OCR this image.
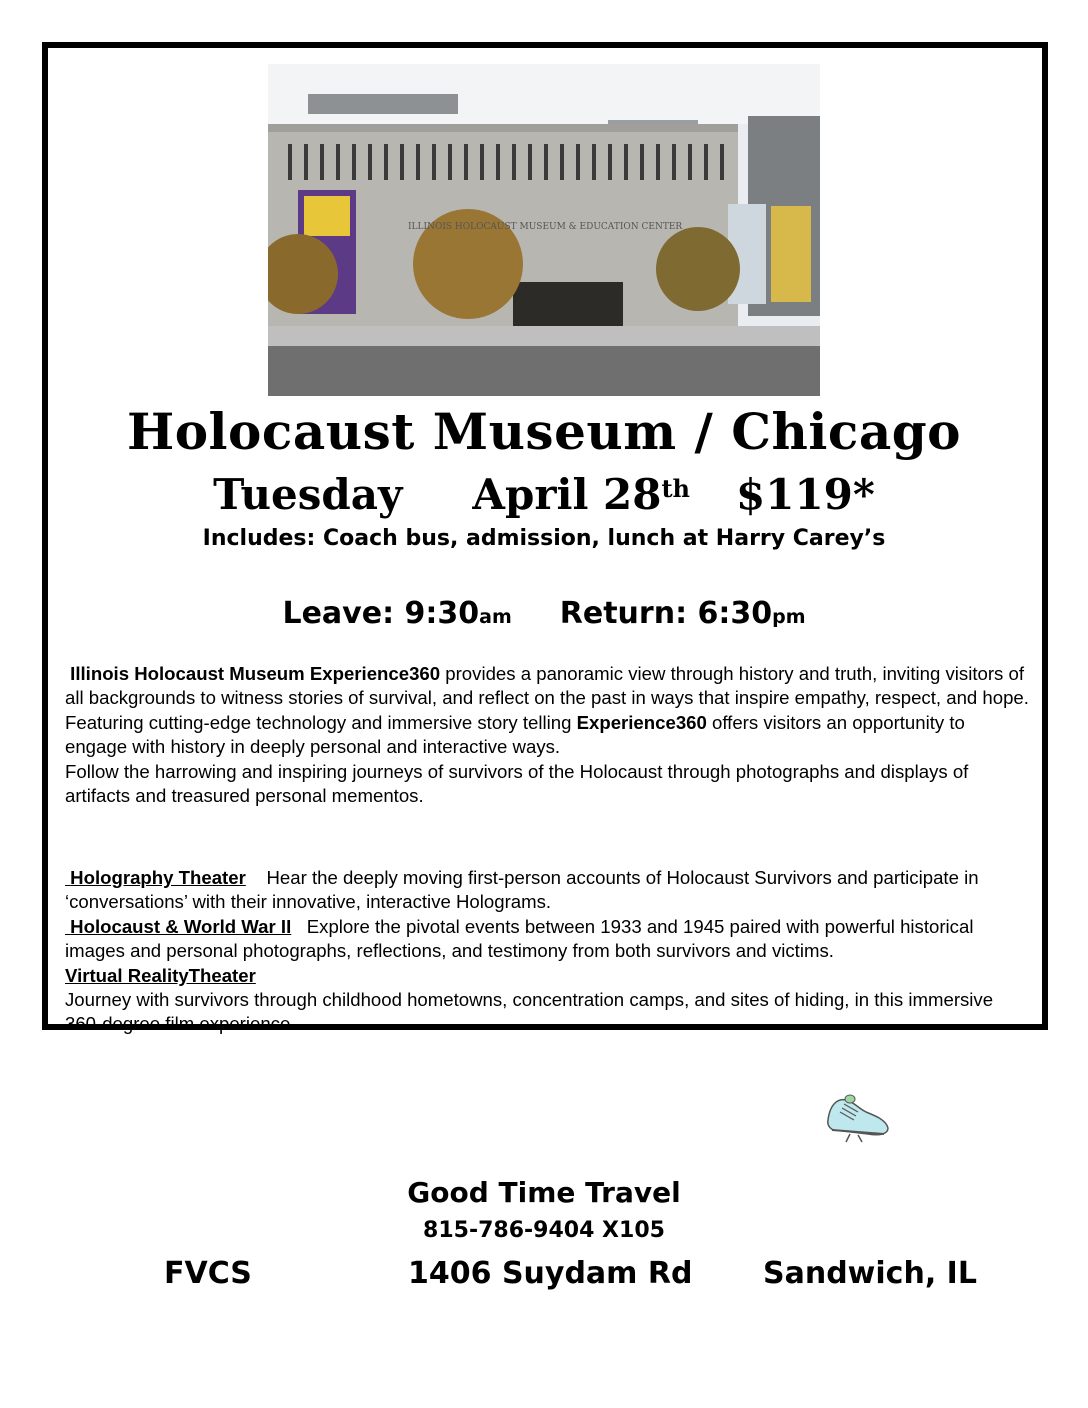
ILLINOIS HOLOCAUST MUSEUM & EDUCATION CENTER
Holocaust Museum / Chicago
Tuesday April 28th $119*
Includes: Coach bus, admission, lunch at Harry Carey’s
Leave: 9:30am Return: 6:30pm
Illinois Holocaust Museum Experience360 provides a panoramic view through history and truth, inviting visitors of all backgrounds to witness stories of survival, and reflect on the past in ways that inspire empathy, respect, and hope. Featuring cutting-edge technology and immersive story telling Experience360 offers visitors an opportunity to engage with history in deeply personal and interactive ways.
Follow the harrowing and inspiring journeys of survivors of the Holocaust through photographs and displays of artifacts and treasured personal mementos.
Holography Theater    Hear the deeply moving first-person accounts of Holocaust Survivors and participate in ‘conversations’ with their innovative, interactive Holograms.
Holocaust & World War II   Explore the pivotal events between 1933 and 1945 paired with powerful historical images and personal photographs, reflections, and testimony from both survivors and victims.
Virtual RealityTheater
Journey with survivors through childhood hometowns, concentration camps, and sites of hiding, in this immersive 360-degree film experience
Good Time Travel
815-786-9404 X105
FVCS	1406 Suydam Rd Sandwich, IL
